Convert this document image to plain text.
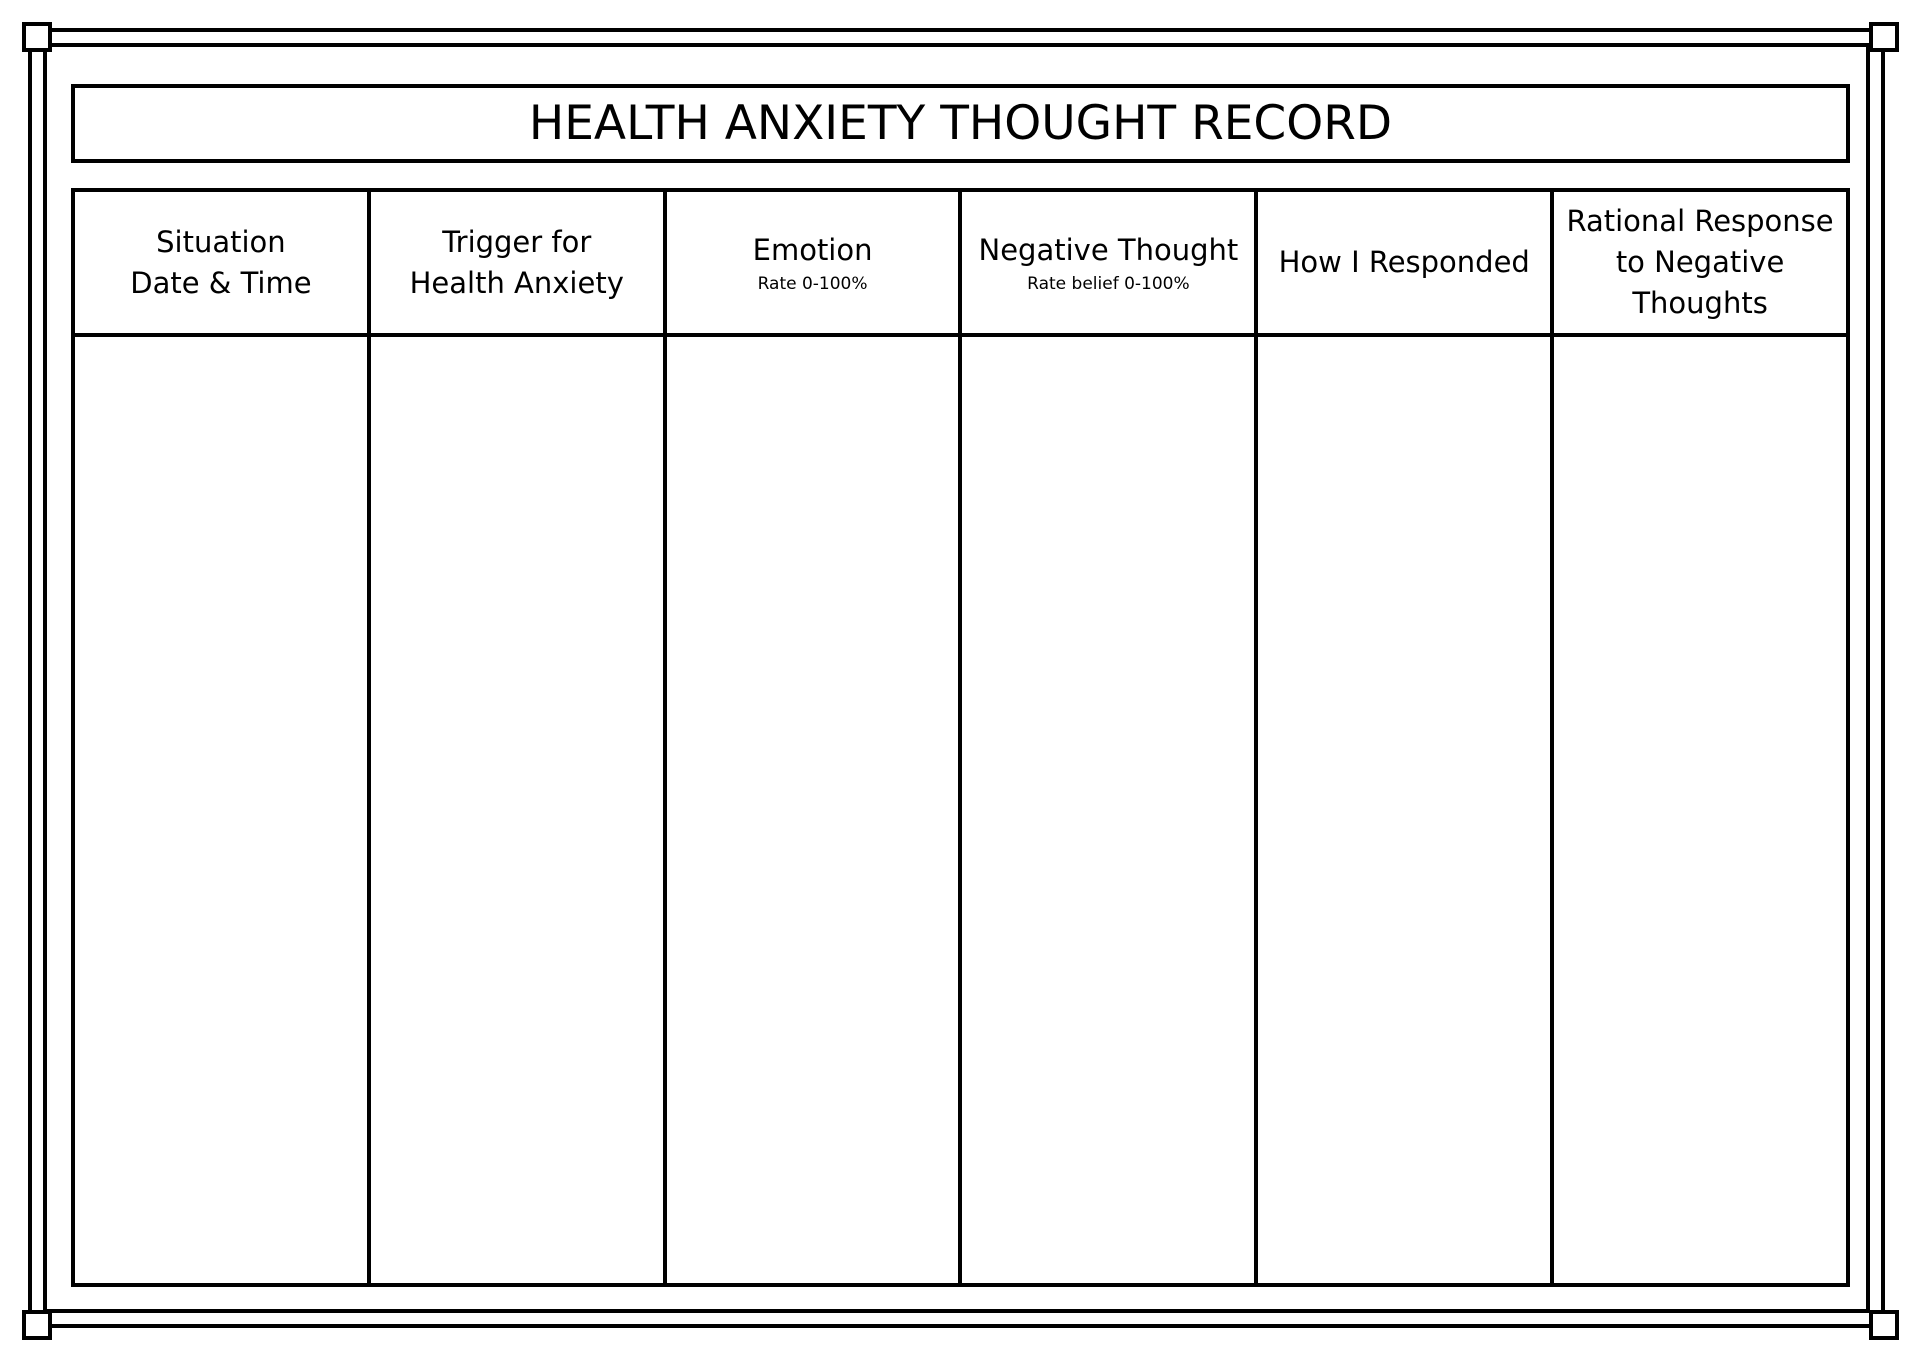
HEALTH ANXIETY THOUGHT RECORD
Situation
Date & Time
Trigger for
Health Anxiety
Emotion
Rate 0-100%
Negative Thought
Rate belief 0-100%
How I Responded
Rational Response
to Negative Thoughts
